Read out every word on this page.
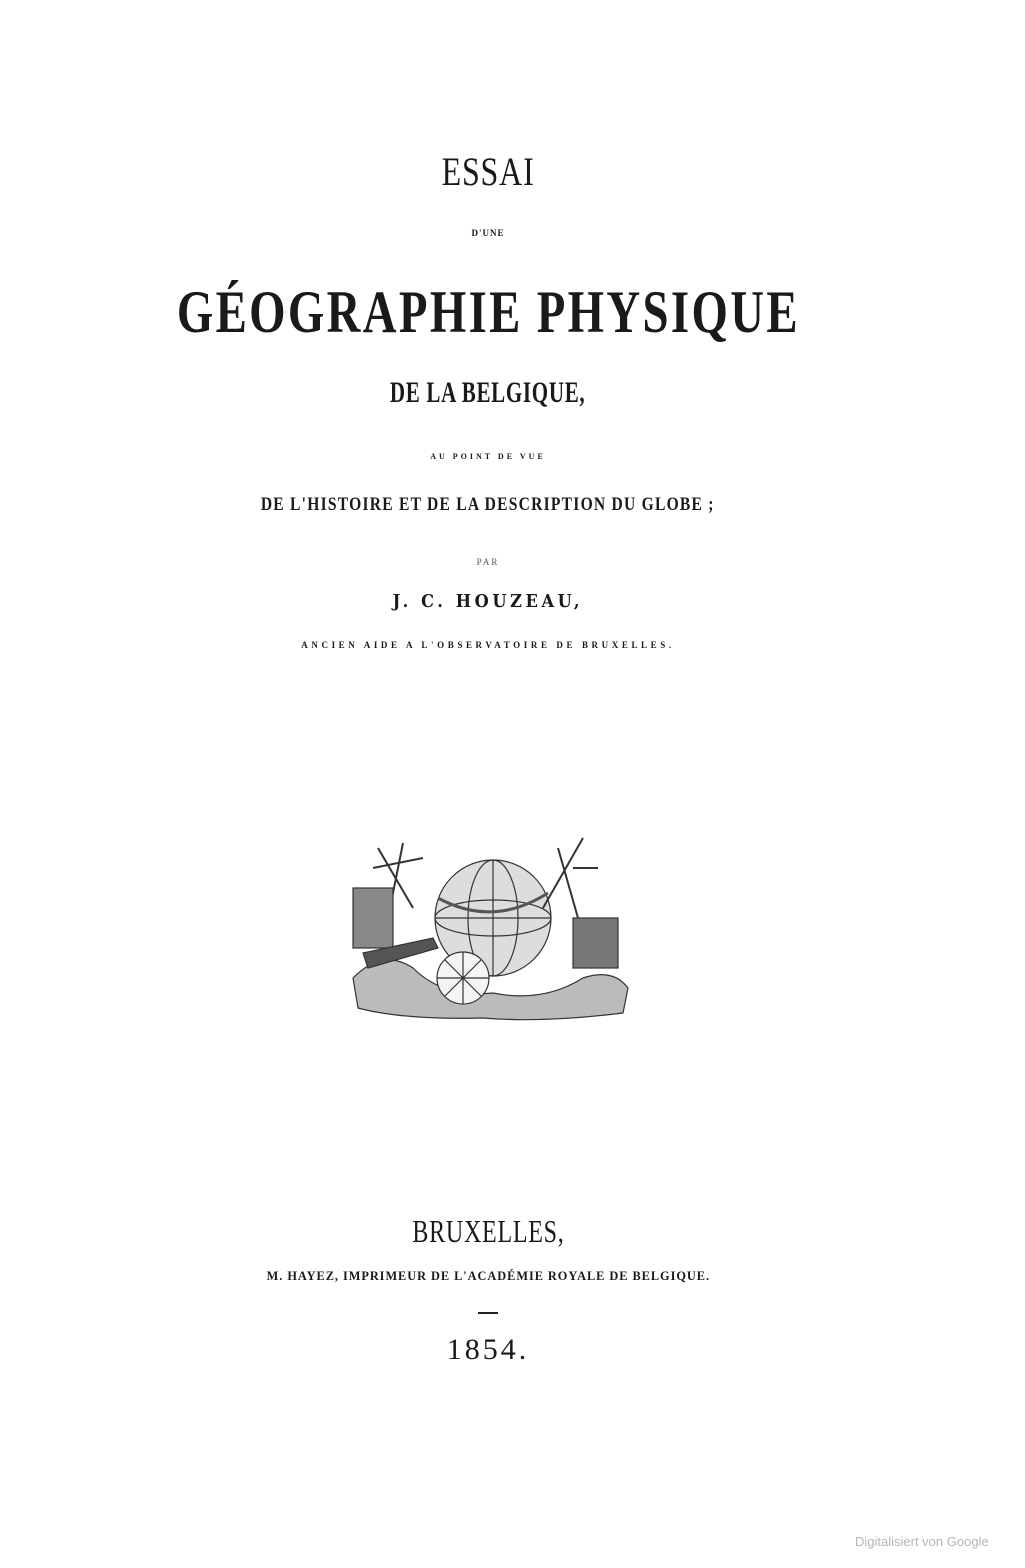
ESSAI
D'UNE
GÉOGRAPHIE PHYSIQUE
DE LA BELGIQUE,
AU POINT DE VUE
DE L'HISTOIRE ET DE LA DESCRIPTION DU GLOBE ;
PAR
J. C. HOUZEAU,
ANCIEN AIDE A L'OBSERVATOIRE DE BRUXELLES.
BRUXELLES,
M. HAYEZ, IMPRIMEUR DE L'ACADÉMIE ROYALE DE BELGIQUE.
1854.
Digitalisiert von Google
